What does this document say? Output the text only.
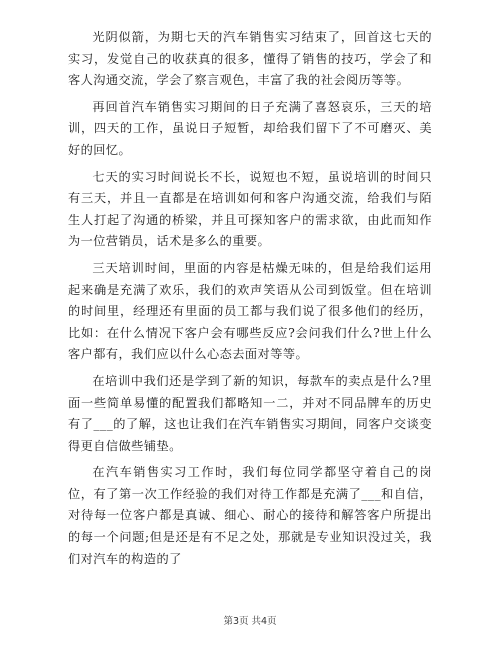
光阴似箭，为期七天的汽车销售实习结束了，回首这七天的实习，发觉自己的收获真的很多，懂得了销售的技巧，学会了和客人沟通交流，学会了察言观色，丰富了我的社会阅历等等。

再回首汽车销售实习期间的日子充满了喜怒哀乐，三天的培训，四天的工作，虽说日子短暂，却给我们留下了不可磨灭、美好的回忆。

七天的实习时间说长不长，说短也不短，虽说培训的时间只有三天，并且一直都是在培训如何和客户沟通交流，给我们与陌生人打起了沟通的桥梁，并且可探知客户的需求欲，由此而知作为一位营销员，话术是多么的重要。

三天培训时间，里面的内容是枯燥无味的，但是给我们运用起来确是充满了欢乐，我们的欢声笑语从公司到饭堂。但在培训的时间里，经理还有里面的员工都与我们说了很多他们的经历，比如：在什么情况下客户会有哪些反应?会问我们什么?世上什么客户都有，我们应以什么心态去面对等等。

在培训中我们还是学到了新的知识，每款车的卖点是什么?里面一些简单易懂的配置我们都略知一二，并对不同品牌车的历史有了___的了解，这也让我们在汽车销售实习期间，同客户交谈变得更自信做些铺垫。

在汽车销售实习工作时，我们每位同学都坚守着自己的岗位，有了第一次工作经验的我们对待工作都是充满了___和自信，对待每一位客户都是真诚、细心、耐心的接待和解答客户所提出的每一个问题;但是还是有不足之处，那就是专业知识没过关，我们对汽车的构造的了

第3页 共4页
